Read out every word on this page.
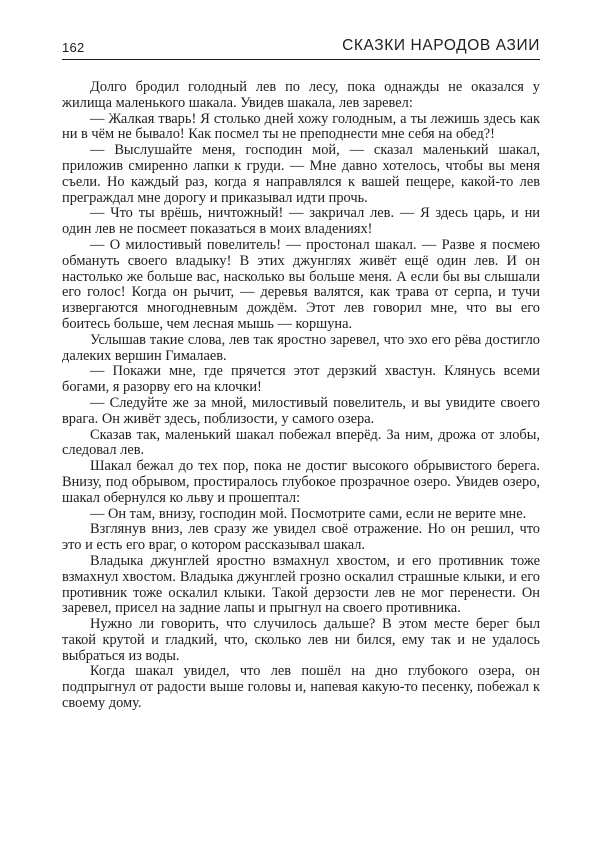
162	СКАЗКИ НАРОДОВ АЗИИ

Долго бродил голодный лев по лесу, пока однажды не оказался у жилища маленького шакала. Увидев шакала, лев заревел:

— Жалкая тварь! Я столько дней хожу голодным, а ты лежишь здесь как ни в чём не бывало! Как посмел ты не преподнести мне себя на обед?!

— Выслушайте меня, господин мой, — сказал маленький шакал, приложив смиренно лапки к груди. — Мне давно хотелось, чтобы вы меня съели. Но каждый раз, когда я направлялся к вашей пещере, какой-то лев преграждал мне дорогу и приказывал идти прочь.

— Что ты врёшь, ничтожный! — закричал лев. — Я здесь царь, и ни один лев не посмеет показаться в моих владениях!

— О милостивый повелитель! — простонал шакал. — Разве я посмею обмануть своего владыку! В этих джунглях живёт ещё один лев. И он настолько же больше вас, насколько вы больше меня. А если бы вы слышали его голос! Когда он рычит, — деревья валятся, как трава от серпа, и тучи извергаются многодневным дождём. Этот лев говорил мне, что вы его боитесь больше, чем лесная мышь — коршуна.

Услышав такие слова, лев так яростно заревел, что эхо его рёва достигло далеких вершин Гималаев.

— Покажи мне, где прячется этот дерзкий хвастун. Клянусь всеми богами, я разорву его на клочки!

— Следуйте же за мной, милостивый повелитель, и вы увидите своего врага. Он живёт здесь, поблизости, у самого озера.

Сказав так, маленький шакал побежал вперёд. За ним, дрожа от злобы, следовал лев.

Шакал бежал до тех пор, пока не достиг высокого обрывистого берега. Внизу, под обрывом, простиралось глубокое прозрачное озеро. Увидев озеро, шакал обернулся ко льву и прошептал:

— Он там, внизу, господин мой. Посмотрите сами, если не верите мне.

Взглянув вниз, лев сразу же увидел своё отражение. Но он решил, что это и есть его враг, о котором рассказывал шакал.

Владыка джунглей яростно взмахнул хвостом, и его противник тоже взмахнул хвостом. Владыка джунглей грозно оскалил страшные клыки, и его противник тоже оскалил клыки. Такой дерзости лев не мог перенести. Он заревел, присел на задние лапы и прыгнул на своего противника.

Нужно ли говорить, что случилось дальше? В этом месте берег был такой крутой и гладкий, что, сколько лев ни бился, ему так и не удалось выбраться из воды.

Когда шакал увидел, что лев пошёл на дно глубокого озера, он подпрыгнул от радости выше головы и, напевая какую-то песенку, побежал к своему дому.
